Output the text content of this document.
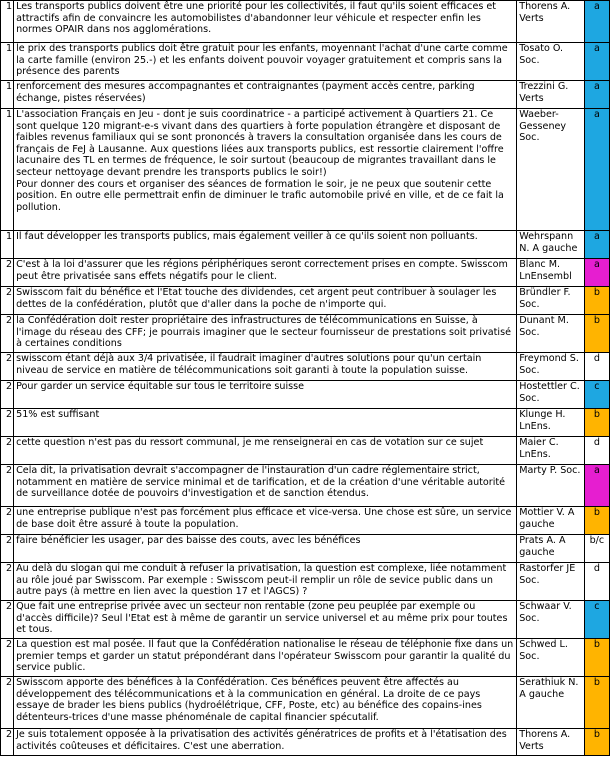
1	Les transports publics doivent être une priorité pour les collectivités, il faut qu'ils soient efficaces et attractifs afin de convaincre les automobilistes d'abandonner leur véhicule et respecter enfin les normes OPAIR dans nos agglomérations.	Thorens A. Verts	a
1	le prix des transports publics doit être gratuit pour les enfants, moyennant l'achat d'une carte comme la carte famille (environ 25.-) et les enfants doivent pouvoir voyager gratuitement et compris sans la présence des parents	Tosato O. Soc.	a
1	renforcement des mesures accompagnantes et contraignantes (payment accès centre, parking échange, pistes réservées)	Trezzini G. Verts	a
1	L'association Français en Jeu - dont je suis coordinatrice - a participé activement à Quartiers 21. Ce sont quelque 120 migrant-e-s vivant dans des quartiers à forte population étrangère et disposant de faibles revenus familiaux qui se sont prononcés à travers la consultation organisée dans les cours de français de FeJ à Lausanne. Aux questions liées aux transports publics, est ressortie clairement l'offre lacunaire des TL en termes de fréquence, le soir surtout (beaucoup de migrantes travaillant dans le secteur nettoyage devant prendre les transports publics le soir!)
Pour donner des cours et organiser des séances de formation le soir, je ne peux que soutenir cette position. En outre elle permettrait enfin de diminuer le trafic automobile privé en ville, et de ce fait la pollution.	Waeber-Gesseney Soc.	a
1	Il faut développer les transports publics, mais également veiller à ce qu'ils soient non polluants.	Wehrspann N. A gauche	a
2	C'est à la loi d'assurer que les régions périphériques seront correctement prises en compte. Swisscom peut être privatisée sans effets négatifs pour le client.	Blanc M. LnEnsembl	a
2	Swisscom fait du bénéfice et l'Etat touche des dividendes, cet argent peut contribuer à soulager les dettes de la confédération, plutôt que d'aller dans la poche de n'importe qui.	Bründler F. Soc.	b
2	la Confédération doit rester propriétaire des infrastructures de télécommunications en Suisse, à l'image du réseau des CFF; je pourrais imaginer que le secteur fournisseur de prestations soit privatisé à certaines conditions	Dunant M. Soc.	b
2	swisscom étant déjà aux 3/4 privatisée, il faudrait imaginer d'autres solutions pour qu'un certain niveau de service en matière de télécommunications soit garanti à toute la population suisse.	Freymond S. Soc.	d
2	Pour garder un service équitable sur tous le territoire suisse	Hostettler C. Soc.	c
2	51% est suffisant	Klunge H. LnEns.	b
2	cette question n'est pas du ressort communal, je me renseignerai en cas de votation sur ce sujet	Maier C. LnEns.	d
2	Cela dit, la privatisation devrait s'accompagner de l'instauration d'un cadre réglementaire strict, notamment en matière de service minimal et de tarification, et de la création d'une véritable autorité de surveillance dotée de pouvoirs d'investigation et de sanction étendus.	Marty P. Soc.	a
2	une entreprise publique n'est pas forcément plus efficace et vice-versa. Une chose est sûre, un service de base doit être assuré à toute la population.	Mottier V. A gauche	b
2	faire bénéficier les usager, par des baisse des couts, avec les bénéfices	Prats A. A gauche	b/c
2	Au delà du slogan qui me conduit à refuser la privatisation, la question est complexe, liée notamment au rôle joué par Swisscom. Par exemple : Swisscom peut-il remplir un rôle de sevice public dans un autre pays (à mettre en lien avec la question 17 et l'AGCS) ?	Rastorfer JE Soc.	d
2	Que fait une entreprise privée avec un secteur non rentable (zone peu peuplée par exemple ou d'accès difficile)? Seul l'Etat est à même de garantir un service universel et au même prix pour toutes et tous.	Schwaar V. Soc.	c
2	La question est mal posée. Il faut que la Confédération nationalise le réseau de téléphonie fixe dans un premier temps et garder un statut prépondérant dans l'opérateur Swisscom pour garantir la qualité du service public.	Schwed L. Soc.	b
2	Swisscom apporte des bénéfices à la Confédération. Ces bénéfices peuvent être affectés au développement des télécommunications et à la communication en général. La droite de ce pays essaye de brader les biens publics (hydroélétrique, CFF, Poste, etc) au bénéfice des copains-ines détenteurs-trices d'une masse phénoménale de capital financier spécutalif.	Serathiuk N. A gauche	b
2	Je suis totalement opposée à la privatisation des activités génératrices de profits et à l'étatisation des activités coûteuses et déficitaires. C'est une aberration.	Thorens A. Verts	b
